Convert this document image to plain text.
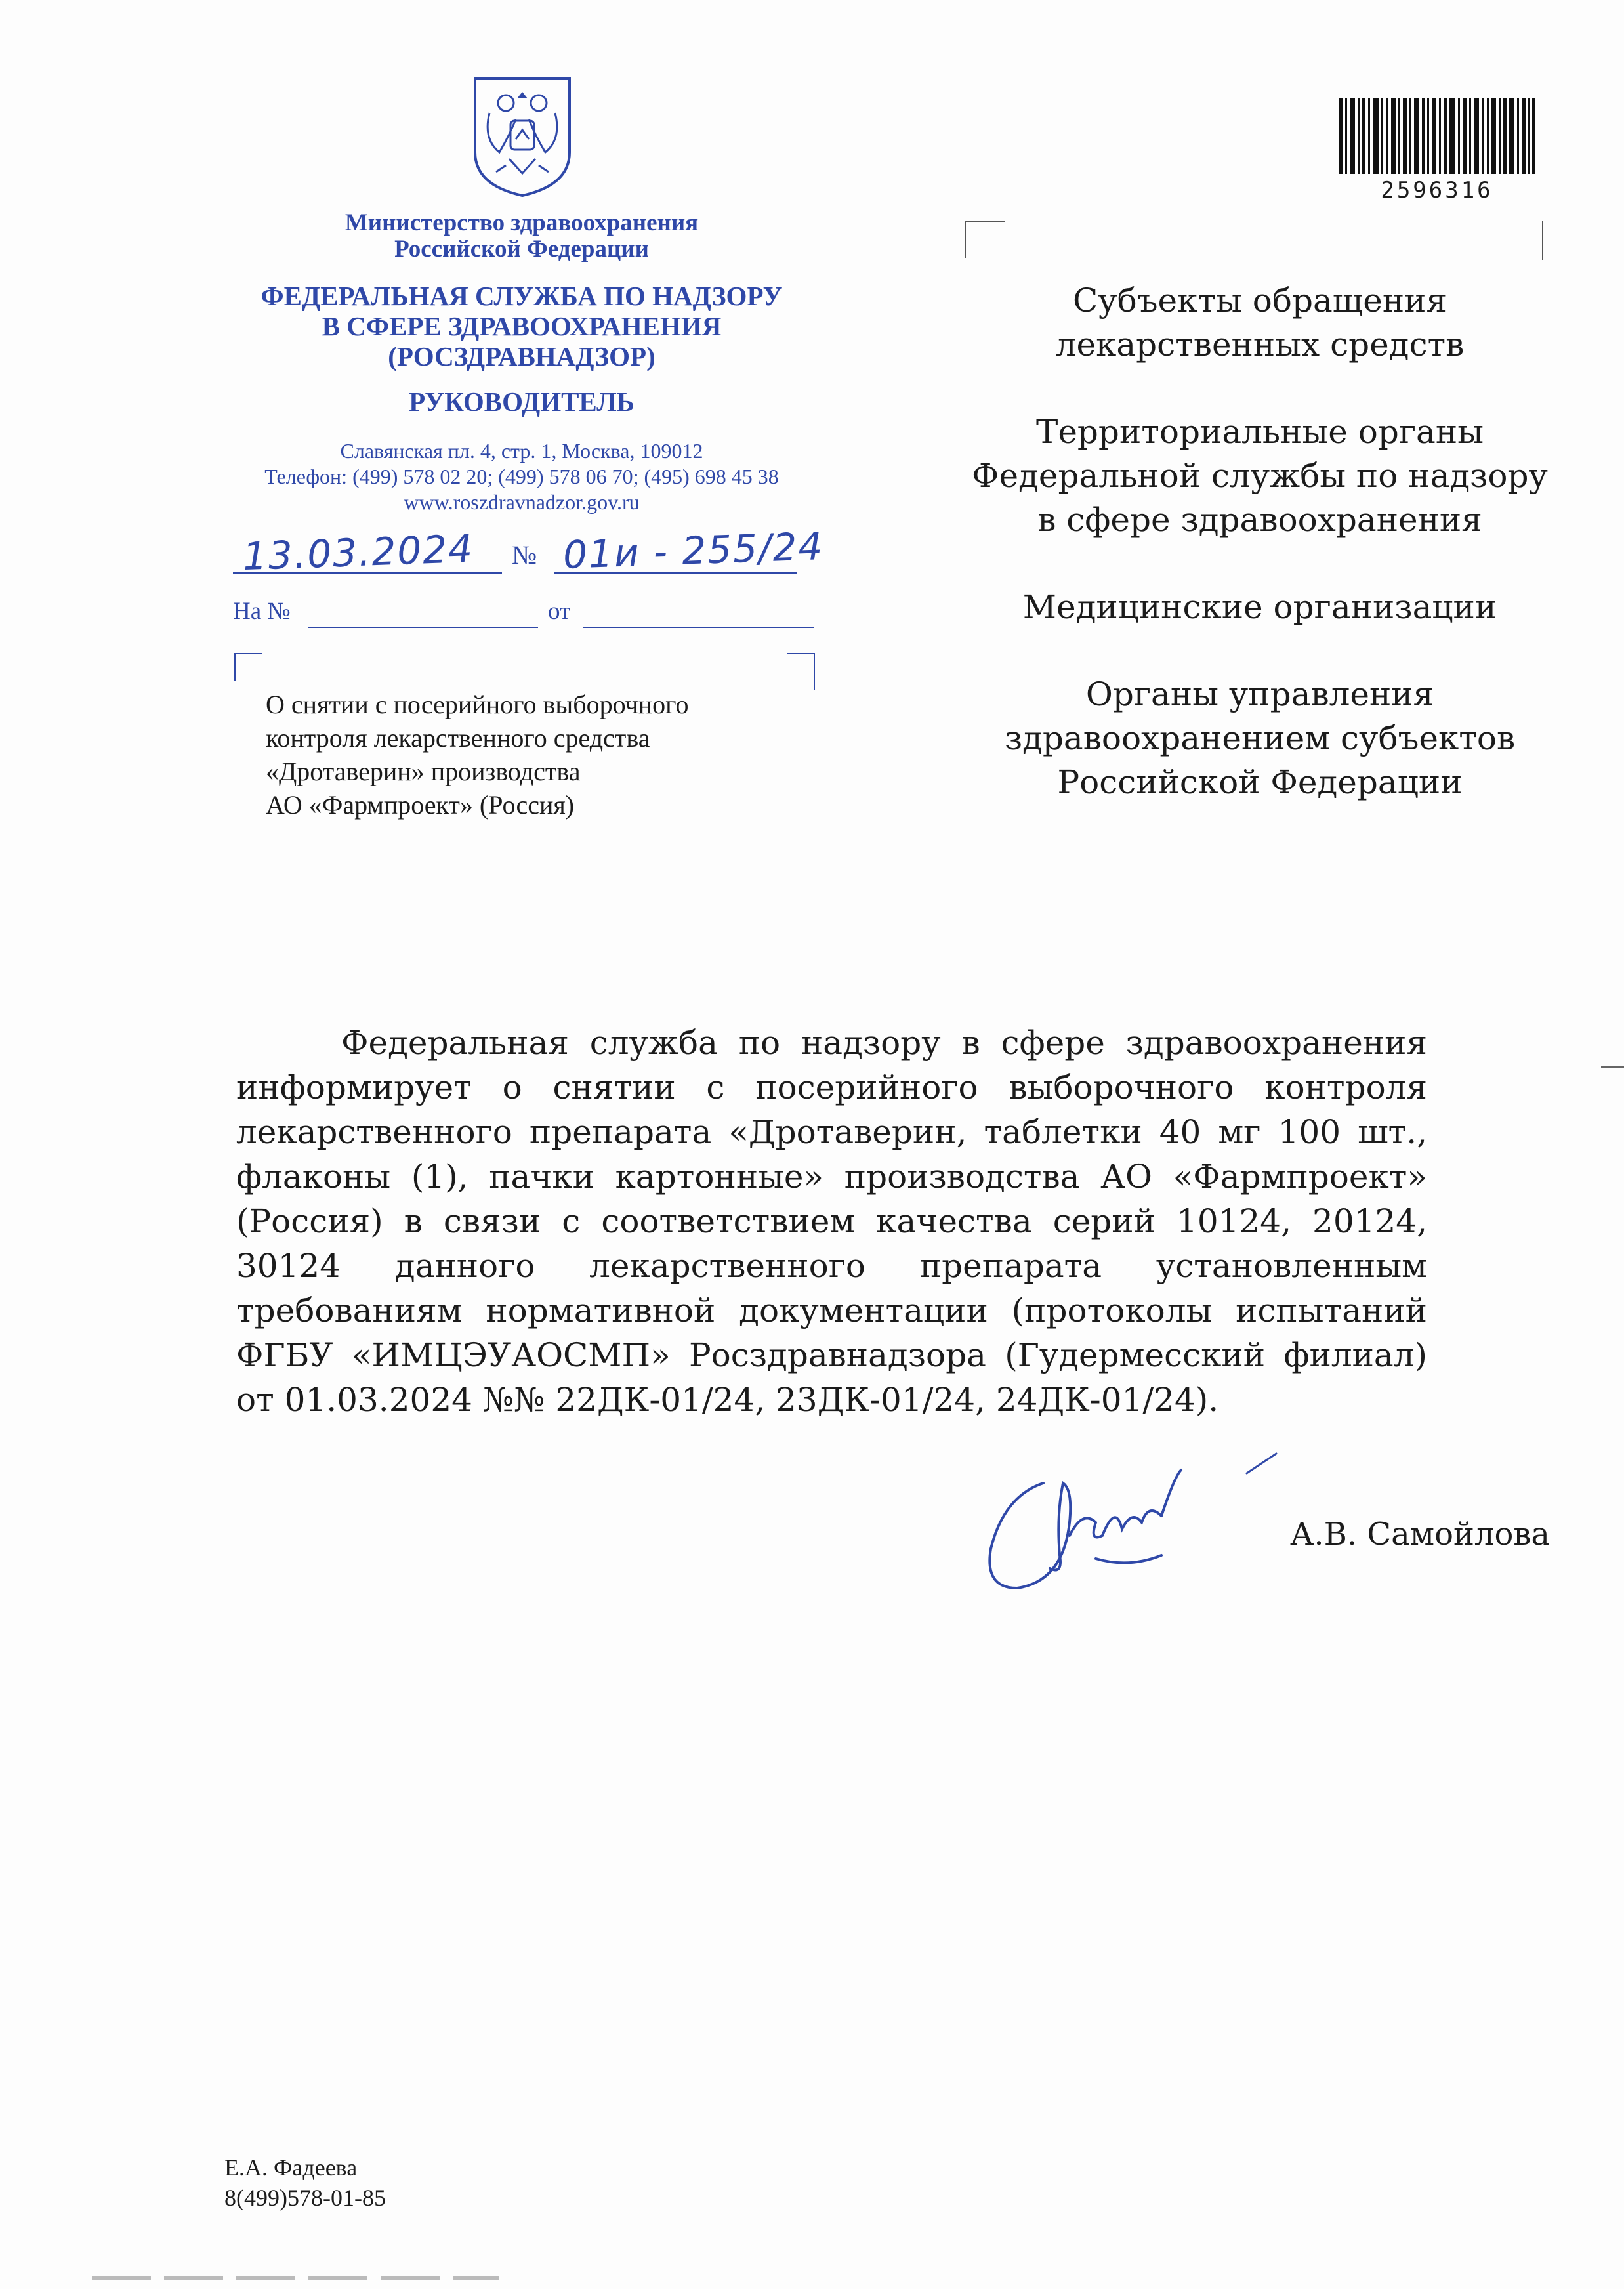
Министерство здравоохранения
Российской Федерации
ФЕДЕРАЛЬНАЯ СЛУЖБА ПО НАДЗОРУ
В СФЕРЕ ЗДРАВООХРАНЕНИЯ
(РОСЗДРАВНАДЗОР)
РУКОВОДИТЕЛЬ
Славянская пл. 4, стр. 1, Москва, 109012
Телефон: (499) 578 02 20; (499) 578 06 70; (495) 698 45 38
www.roszdravnadzor.gov.ru
13.03.2024 № 01и - 255/24
На №	от
О снятии с посерийного выборочного
контроля лекарственного средства
«Дротаверин» производства
АО «Фармпроект» (Россия)
2596316
Субъекты обращения
лекарственных средств
Территориальные органы
Федеральной службы по надзору
в сфере здравоохранения
Медицинские организации
Органы управления
здравоохранением субъектов
Российской Федерации
Федеральная служба по надзору в сфере здравоохранения информирует о снятии с посерийного выборочного контроля лекарственного препарата «Дротаверин, таблетки 40 мг 100 шт., флаконы (1), пачки картонные» производства АО «Фармпроект» (Россия) в связи с соответствием качества серий 10124, 20124, 30124 данного лекарственного препарата установленным требованиям нормативной документации (протоколы испытаний ФГБУ «ИМЦЭУАОСМП» Росздравнадзора (Гудермесский филиал) от 01.03.2024 №№ 22ДК-01/24, 23ДК-01/24, 24ДК-01/24).
А.В. Самойлова
Е.А. Фадеева
8(499)578-01-85
